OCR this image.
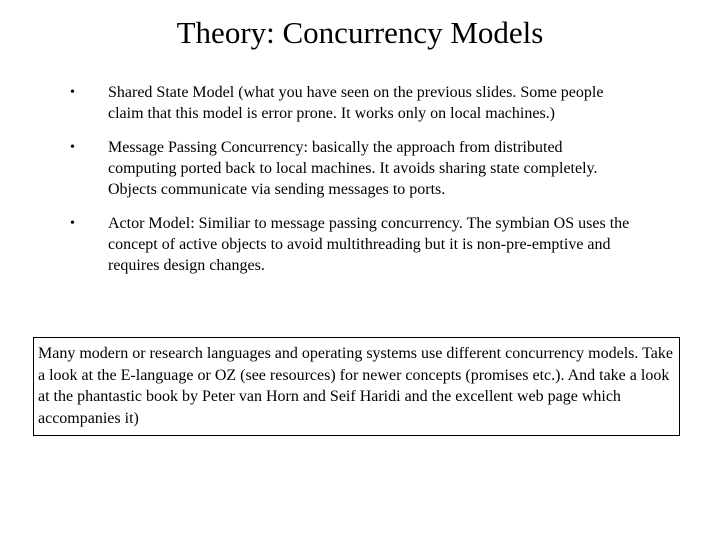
Theory: Concurrency Models
•	Shared State Model (what you have seen on the previous slides. Some people claim that this model is error prone. It works only on local machines.)
•	Message Passing Concurrency: basically the approach from distributed computing ported back to local machines. It avoids sharing state completely. Objects communicate via sending messages to ports.
•	Actor Model: Similiar to message passing concurrency. The symbian OS uses the concept of active objects to avoid multithreading but it is non-pre-emptive and requires design changes.
Many modern or research languages and operating systems use different concurrency models. Take a look at the E-language or OZ (see resources) for newer concepts (promises etc.). And take a look at the phantastic book by Peter van Horn and Seif Haridi and the excellent web page which accompanies it)
